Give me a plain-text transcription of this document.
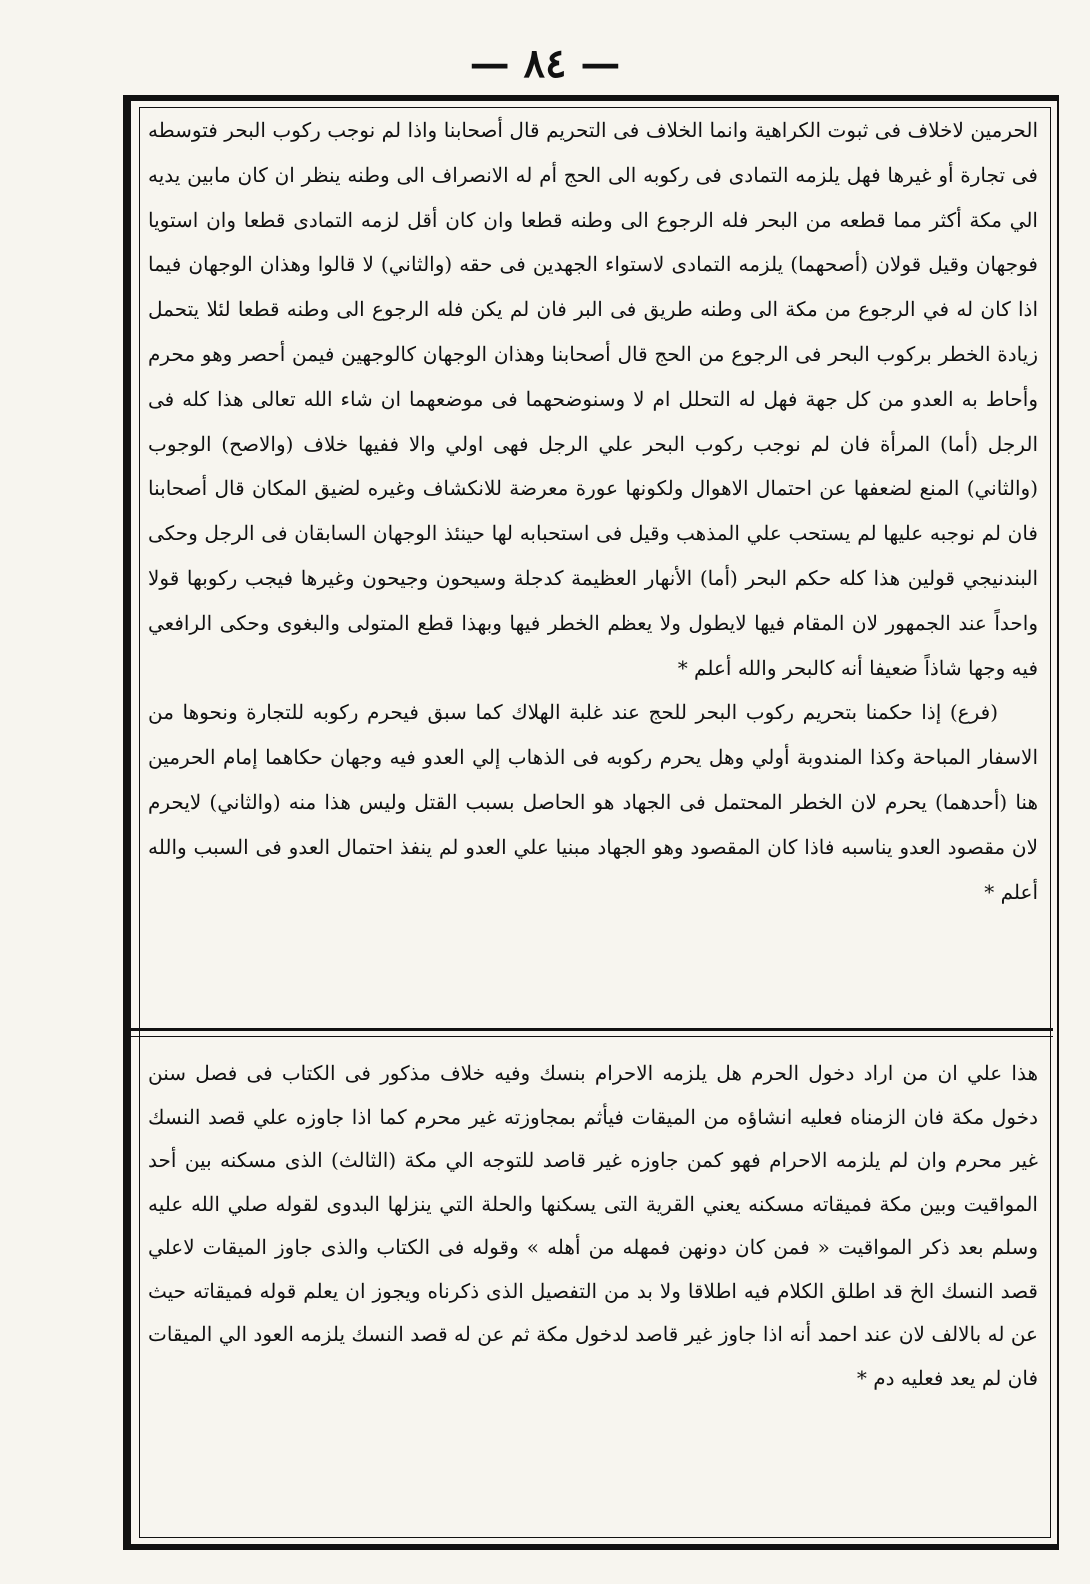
— ٨٤ —

الحرمين لاخلاف فى ثبوت الكراهية وانما الخلاف فى التحريم قال أصحابنا واذا لم نوجب ركوب البحر فتوسطه فى تجارة أو غيرها فهل يلزمه التمادى فى ركوبه الى الحج أم له الانصراف الى وطنه ينظر ان كان مابين يديه الي مكة أكثر مما قطعه من البحر فله الرجوع الى وطنه قطعا وان كان أقل لزمه التمادى قطعا وان استويا فوجهان وقيل قولان (أصحهما) يلزمه التمادى لاستواء الجهدين فى حقه (والثاني) لا قالوا وهذان الوجهان فيما اذا كان له في الرجوع من مكة الى وطنه طريق فى البر فان لم يكن فله الرجوع الى وطنه قطعا لئلا يتحمل زيادة الخطر بركوب البحر فى الرجوع من الحج قال أصحابنا وهذان الوجهان كالوجهين فيمن أحصر وهو محرم وأحاط به العدو من كل جهة فهل له التحلل ام لا وسنوضحهما فى موضعهما ان شاء الله تعالى هذا كله فى الرجل (أما) المرأة فان لم نوجب ركوب البحر علي الرجل فهى اولي والا ففيها خلاف (والاصح) الوجوب (والثاني) المنع لضعفها عن احتمال الاهوال ولكونها عورة معرضة للانكشاف وغيره لضيق المكان قال أصحابنا فان لم نوجبه عليها لم يستحب علي المذهب وقيل فى استحبابه لها حينئذ الوجهان السابقان فى الرجل وحكى البندنيجي قولين هذا كله حكم البحر (أما) الأنهار العظيمة كدجلة وسيحون وجيحون وغيرها فيجب ركوبها قولا واحداً عند الجمهور لان المقام فيها لايطول ولا يعظم الخطر فيها وبهذا قطع المتولى والبغوى وحكى الرافعي فيه وجها شاذاً ضعيفا أنه كالبحر والله أعلم *

(فرع) إذا حكمنا بتحريم ركوب البحر للحج عند غلبة الهلاك كما سبق فيحرم ركوبه للتجارة ونحوها من الاسفار المباحة وكذا المندوبة أولي وهل يحرم ركوبه فى الذهاب إلي العدو فيه وجهان حكاهما إمام الحرمين هنا (أحدهما) يحرم لان الخطر المحتمل فى الجهاد هو الحاصل بسبب القتل وليس هذا منه (والثاني) لايحرم لان مقصود العدو يناسبه فاذا كان المقصود وهو الجهاد مبنيا علي العدو لم ينفذ احتمال العدو فى السبب والله أعلم *

هذا علي ان من اراد دخول الحرم هل يلزمه الاحرام بنسك وفيه خلاف مذكور فى الكتاب فى فصل سنن دخول مكة فان الزمناه فعليه انشاؤه من الميقات فيأثم بمجاوزته غير محرم كما اذا جاوزه علي قصد النسك غير محرم وان لم يلزمه الاحرام فهو كمن جاوزه غير قاصد للتوجه الي مكة (الثالث) الذى مسكنه بين أحد المواقيت وبين مكة فميقاته مسكنه يعني القرية التى يسكنها والحلة التي ينزلها البدوى لقوله صلي الله عليه وسلم بعد ذكر المواقيت « فمن كان دونهن فمهله من أهله » وقوله فى الكتاب والذى جاوز الميقات لاعلي قصد النسك الخ قد اطلق الكلام فيه اطلاقا ولا بد من التفصيل الذى ذكرناه ويجوز ان يعلم قوله فميقاته حيث عن له بالالف لان عند احمد أنه اذا جاوز غير قاصد لدخول مكة ثم عن له قصد النسك يلزمه العود الي الميقات فان لم يعد فعليه دم *
